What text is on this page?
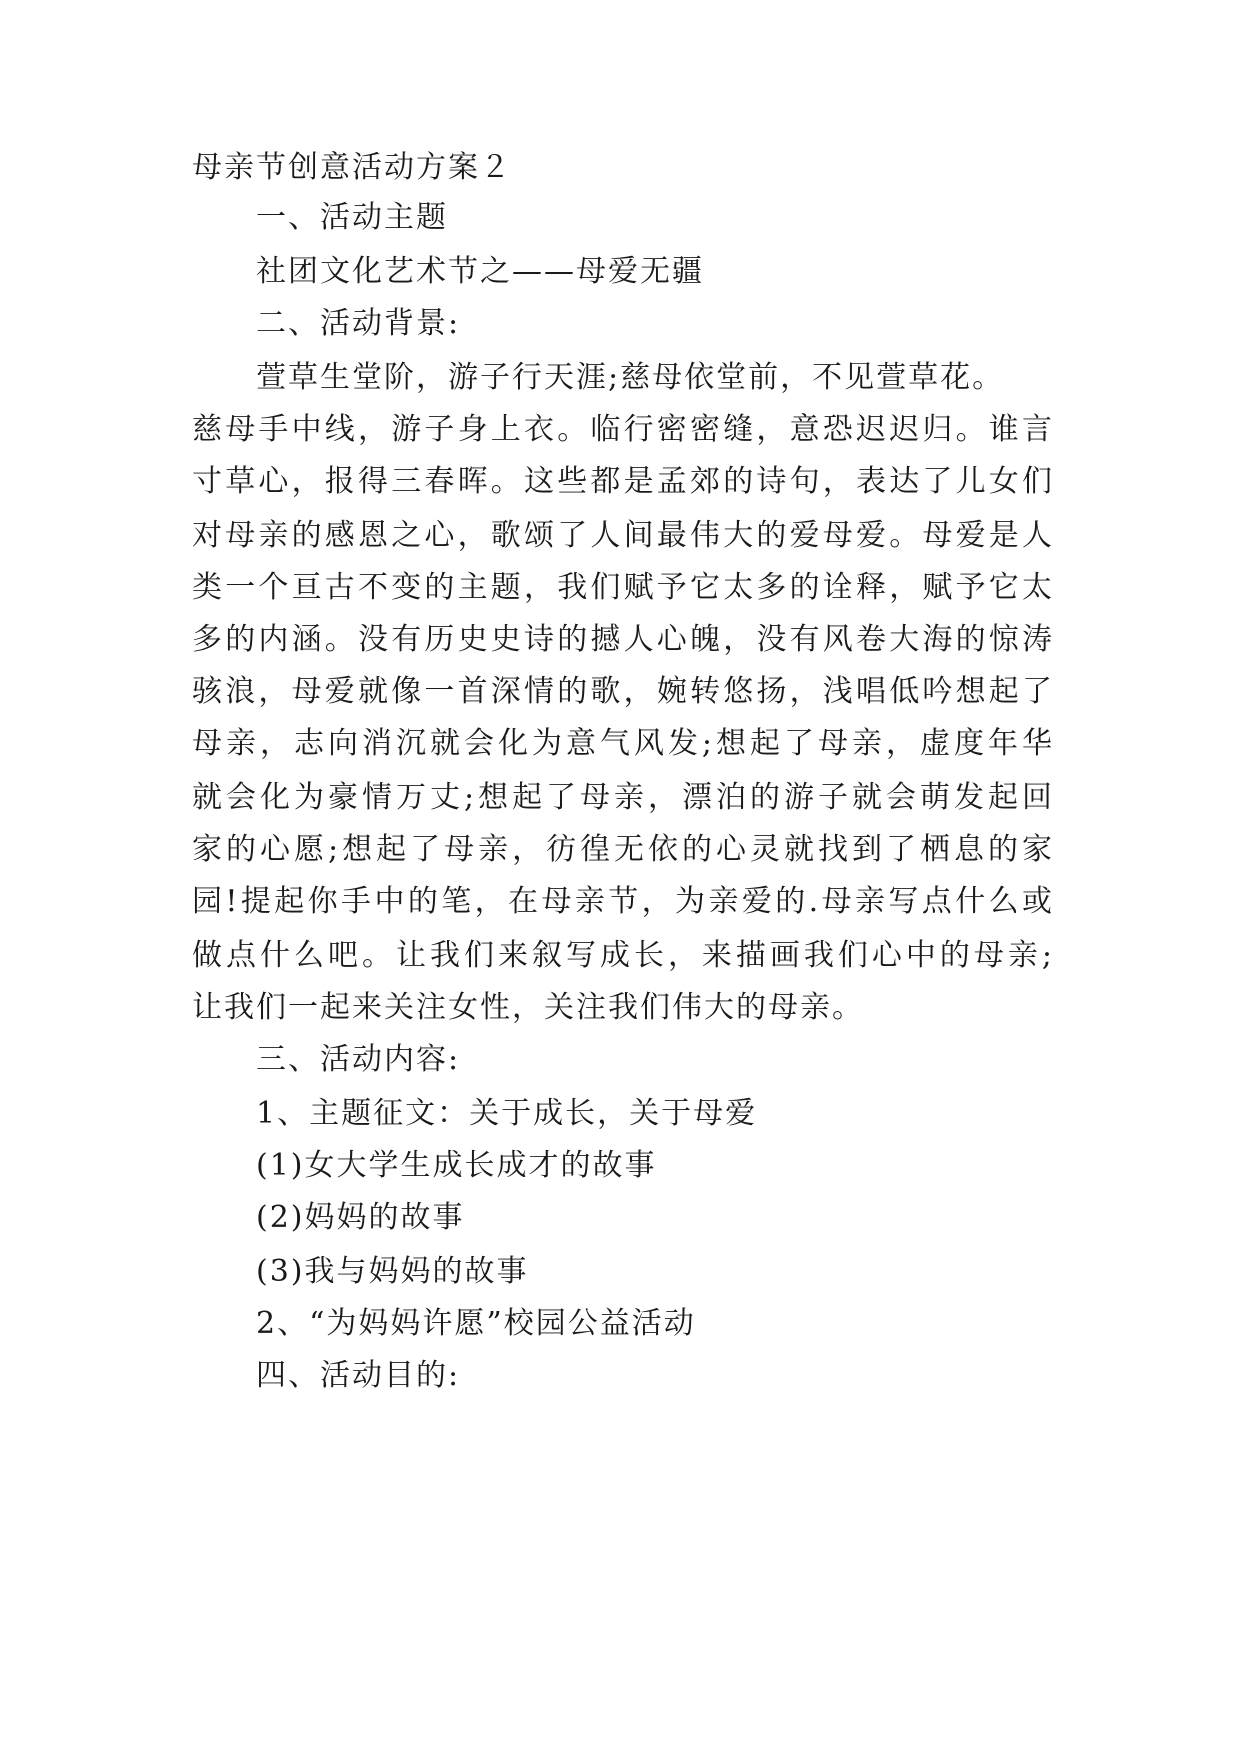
母亲节创意活动方案２
一、活动主题
社团文化艺术节之——母爱无疆
二、活动背景:
萱草生堂阶，游子行天涯;慈母依堂前，不见萱草花。
慈母手中线，游子身上衣。临行密密缝，意恐迟迟归。谁言
寸草心，报得三春晖。这些都是孟郊的诗句，表达了儿女们
对母亲的感恩之心，歌颂了人间最伟大的爱母爱。母爱是人
类一个亘古不变的主题，我们赋予它太多的诠释，赋予它太
多的内涵。没有历史史诗的撼人心魄，没有风卷大海的惊涛
骇浪，母爱就像一首深情的歌，婉转悠扬，浅唱低吟想起了
母亲，志向消沉就会化为意气风发;想起了母亲，虚度年华
就会化为豪情万丈;想起了母亲，漂泊的游子就会萌发起回
家的心愿;想起了母亲，彷徨无依的心灵就找到了栖息的家
园!提起你手中的笔，在母亲节，为亲爱的.母亲写点什么或
做点什么吧。让我们来叙写成长，来描画我们心中的母亲;
让我们一起来关注女性，关注我们伟大的母亲。
三、活动内容:
1、主题征文：关于成长，关于母爱
(1)女大学生成长成才的故事
(2)妈妈的故事
(3)我与妈妈的故事
2、“为妈妈许愿”校园公益活动
四、活动目的:
